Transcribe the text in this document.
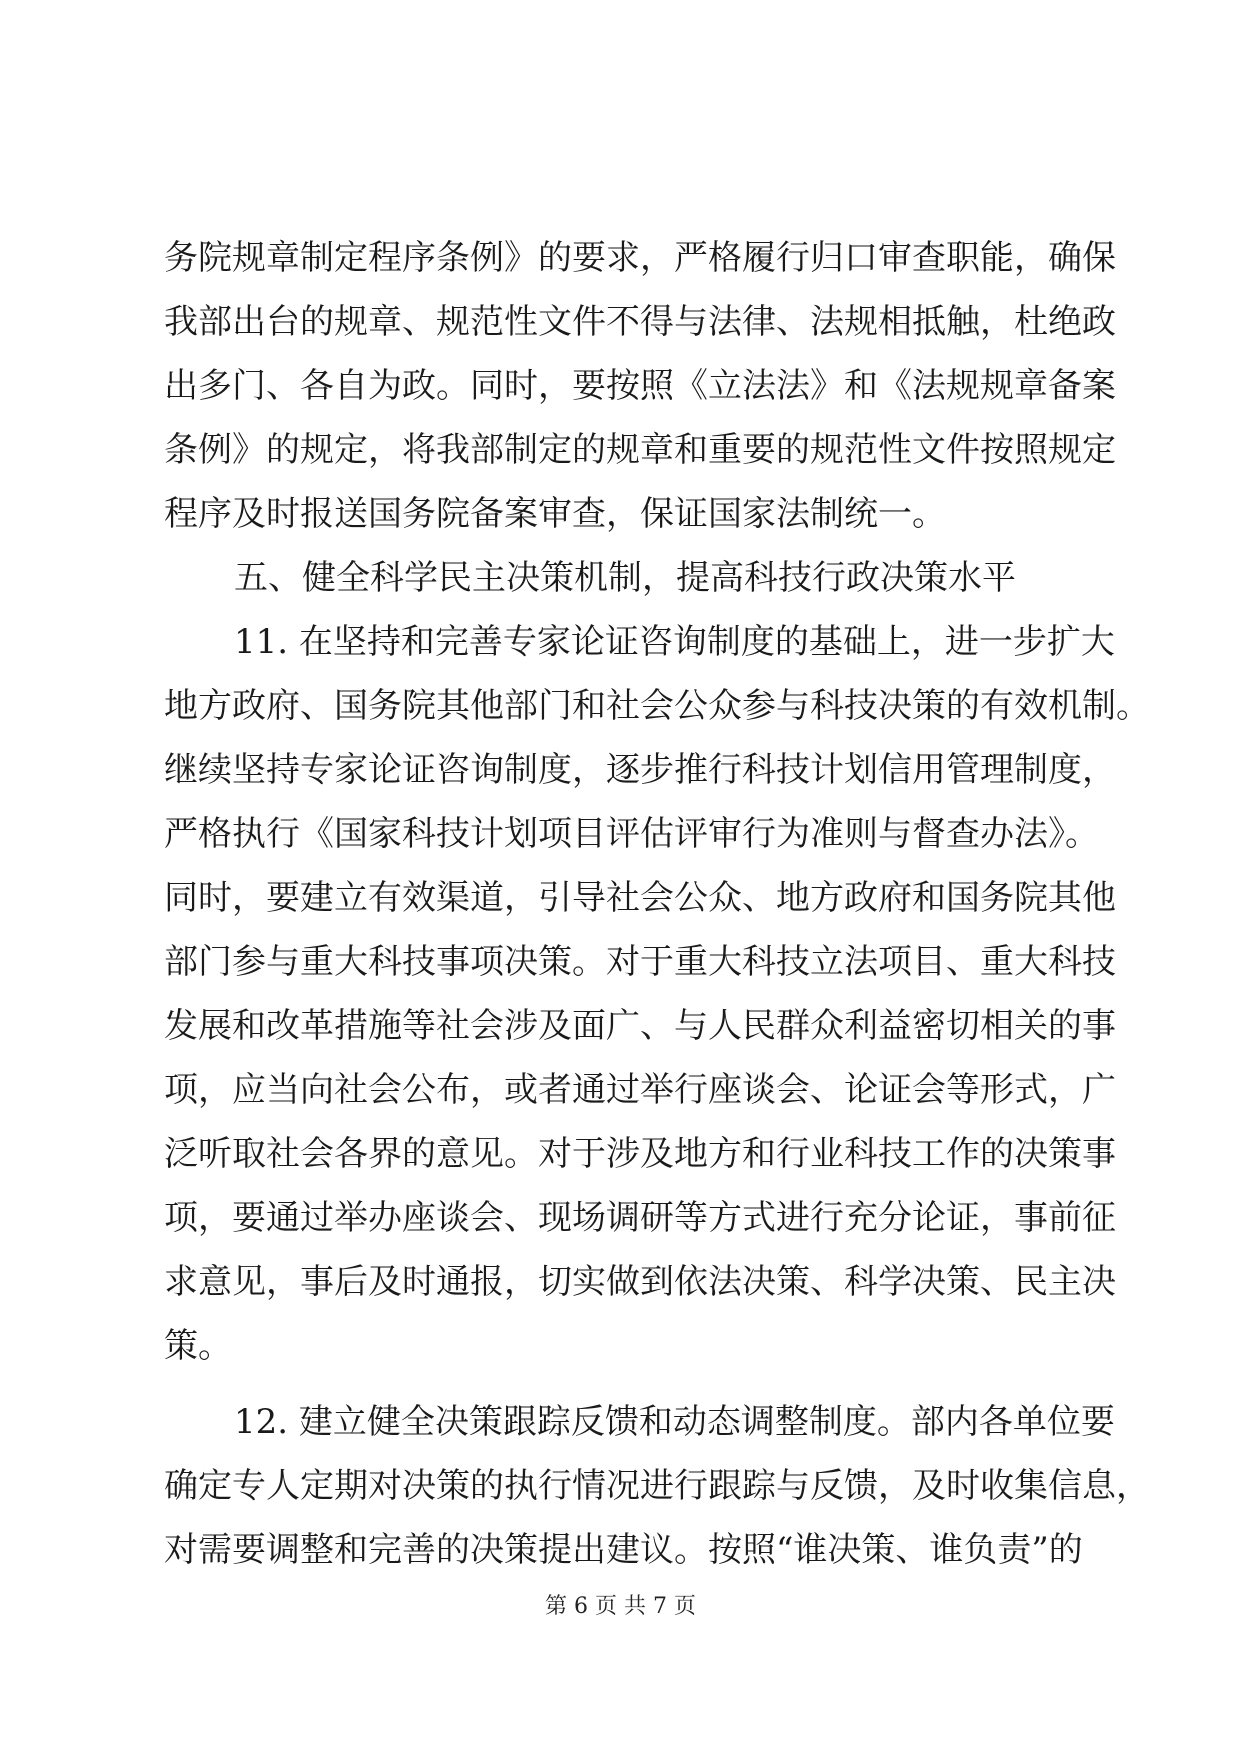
务院规章制定程序条例》的要求，严格履行归口审查职能，确保
我部出台的规章、规范性文件不得与法律、法规相抵触，杜绝政
出多门、各自为政。同时，要按照《立法法》和《法规规章备案
条例》的规定，将我部制定的规章和重要的规范性文件按照规定
程序及时报送国务院备案审查，保证国家法制统一。
五、健全科学民主决策机制，提高科技行政决策水平
11. 在坚持和完善专家论证咨询制度的基础上，进一步扩大
地方政府、国务院其他部门和社会公众参与科技决策的有效机制。
继续坚持专家论证咨询制度，逐步推行科技计划信用管理制度，
严格执行《国家科技计划项目评估评审行为准则与督查办法》。
同时，要建立有效渠道，引导社会公众、地方政府和国务院其他
部门参与重大科技事项决策。对于重大科技立法项目、重大科技
发展和改革措施等社会涉及面广、与人民群众利益密切相关的事
项，应当向社会公布，或者通过举行座谈会、论证会等形式，广
泛听取社会各界的意见。对于涉及地方和行业科技工作的决策事
项，要通过举办座谈会、现场调研等方式进行充分论证，事前征
求意见，事后及时通报，切实做到依法决策、科学决策、民主决
策。
12. 建立健全决策跟踪反馈和动态调整制度。部内各单位要
确定专人定期对决策的执行情况进行跟踪与反馈，及时收集信息，
对需要调整和完善的决策提出建议。按照“谁决策、谁负责”的
第 6 页 共 7 页
